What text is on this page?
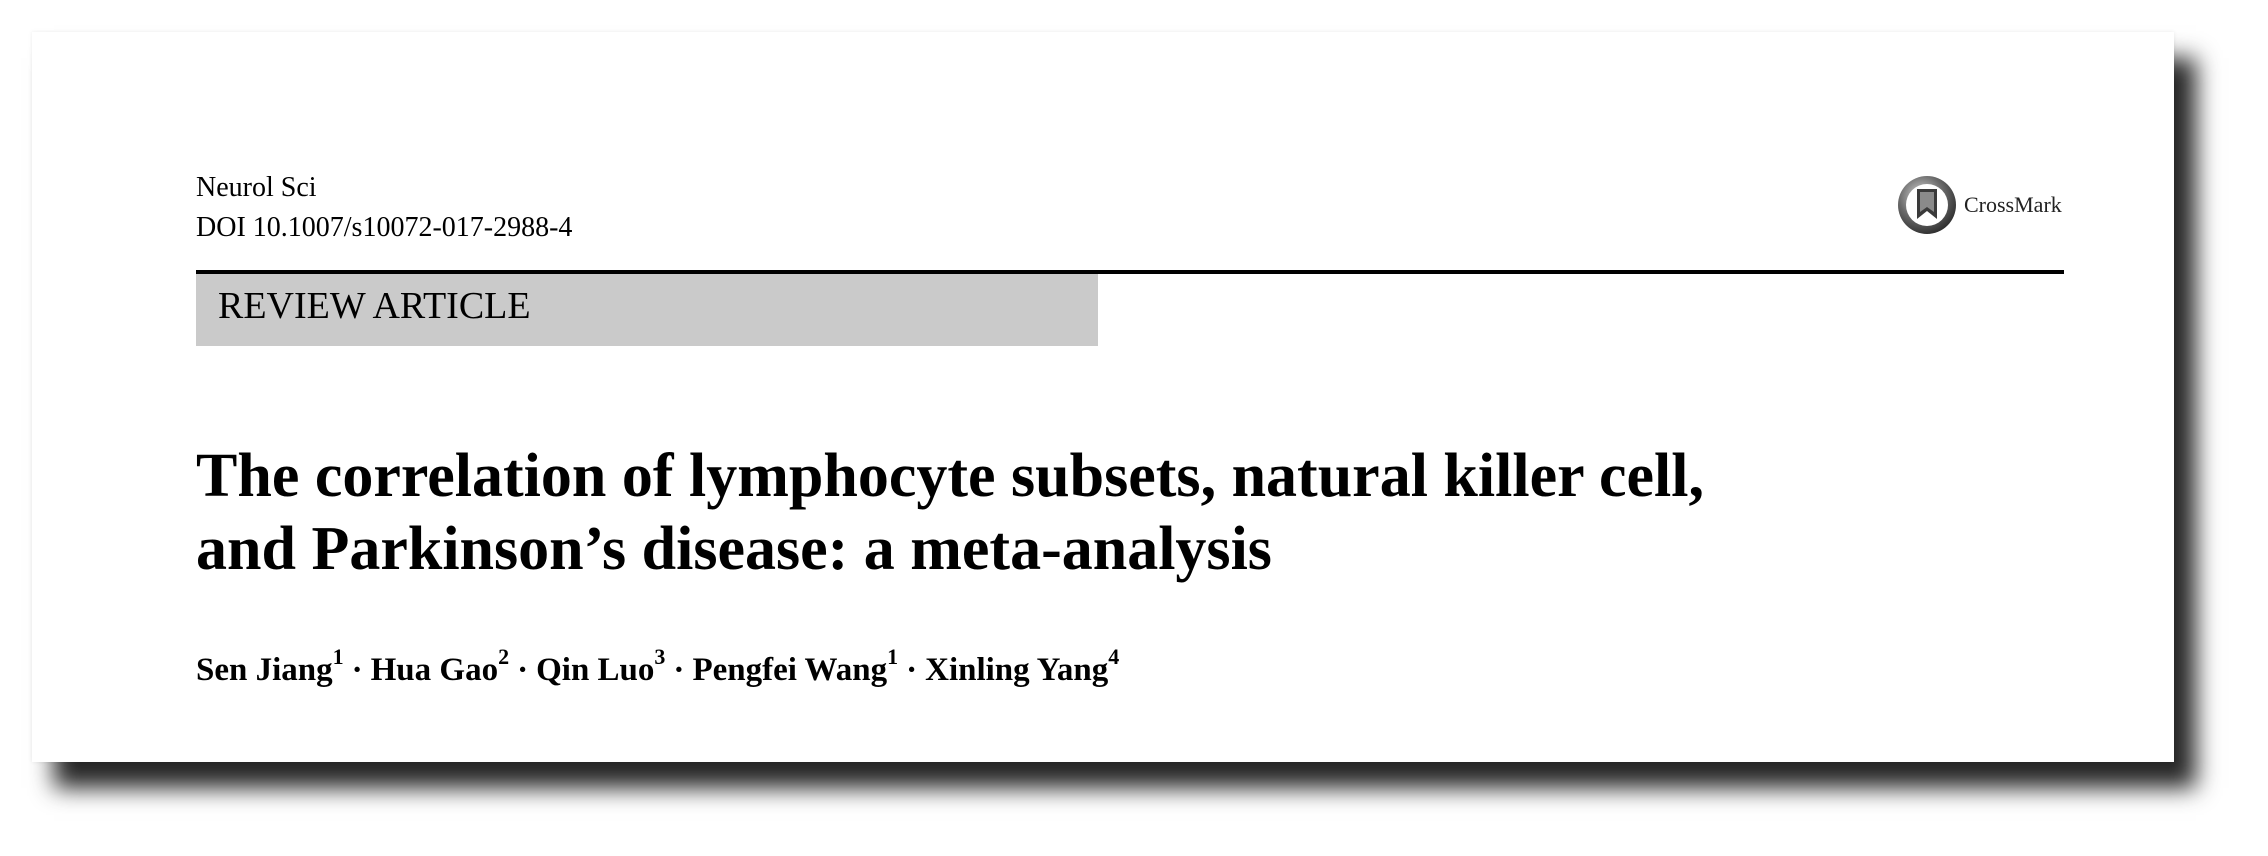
Neurol Sci
DOI 10.1007/s10072-017-2988-4
CrossMark
REVIEW ARTICLE
The correlation of lymphocyte subsets, natural killer cell,
and Parkinson’s disease: a meta-analysis
Sen Jiang$^1$ · Hua Gao$^2$ · Qin Luo$^3$ · Pengfei Wang$^1$ · Xinling Yang$^4$
